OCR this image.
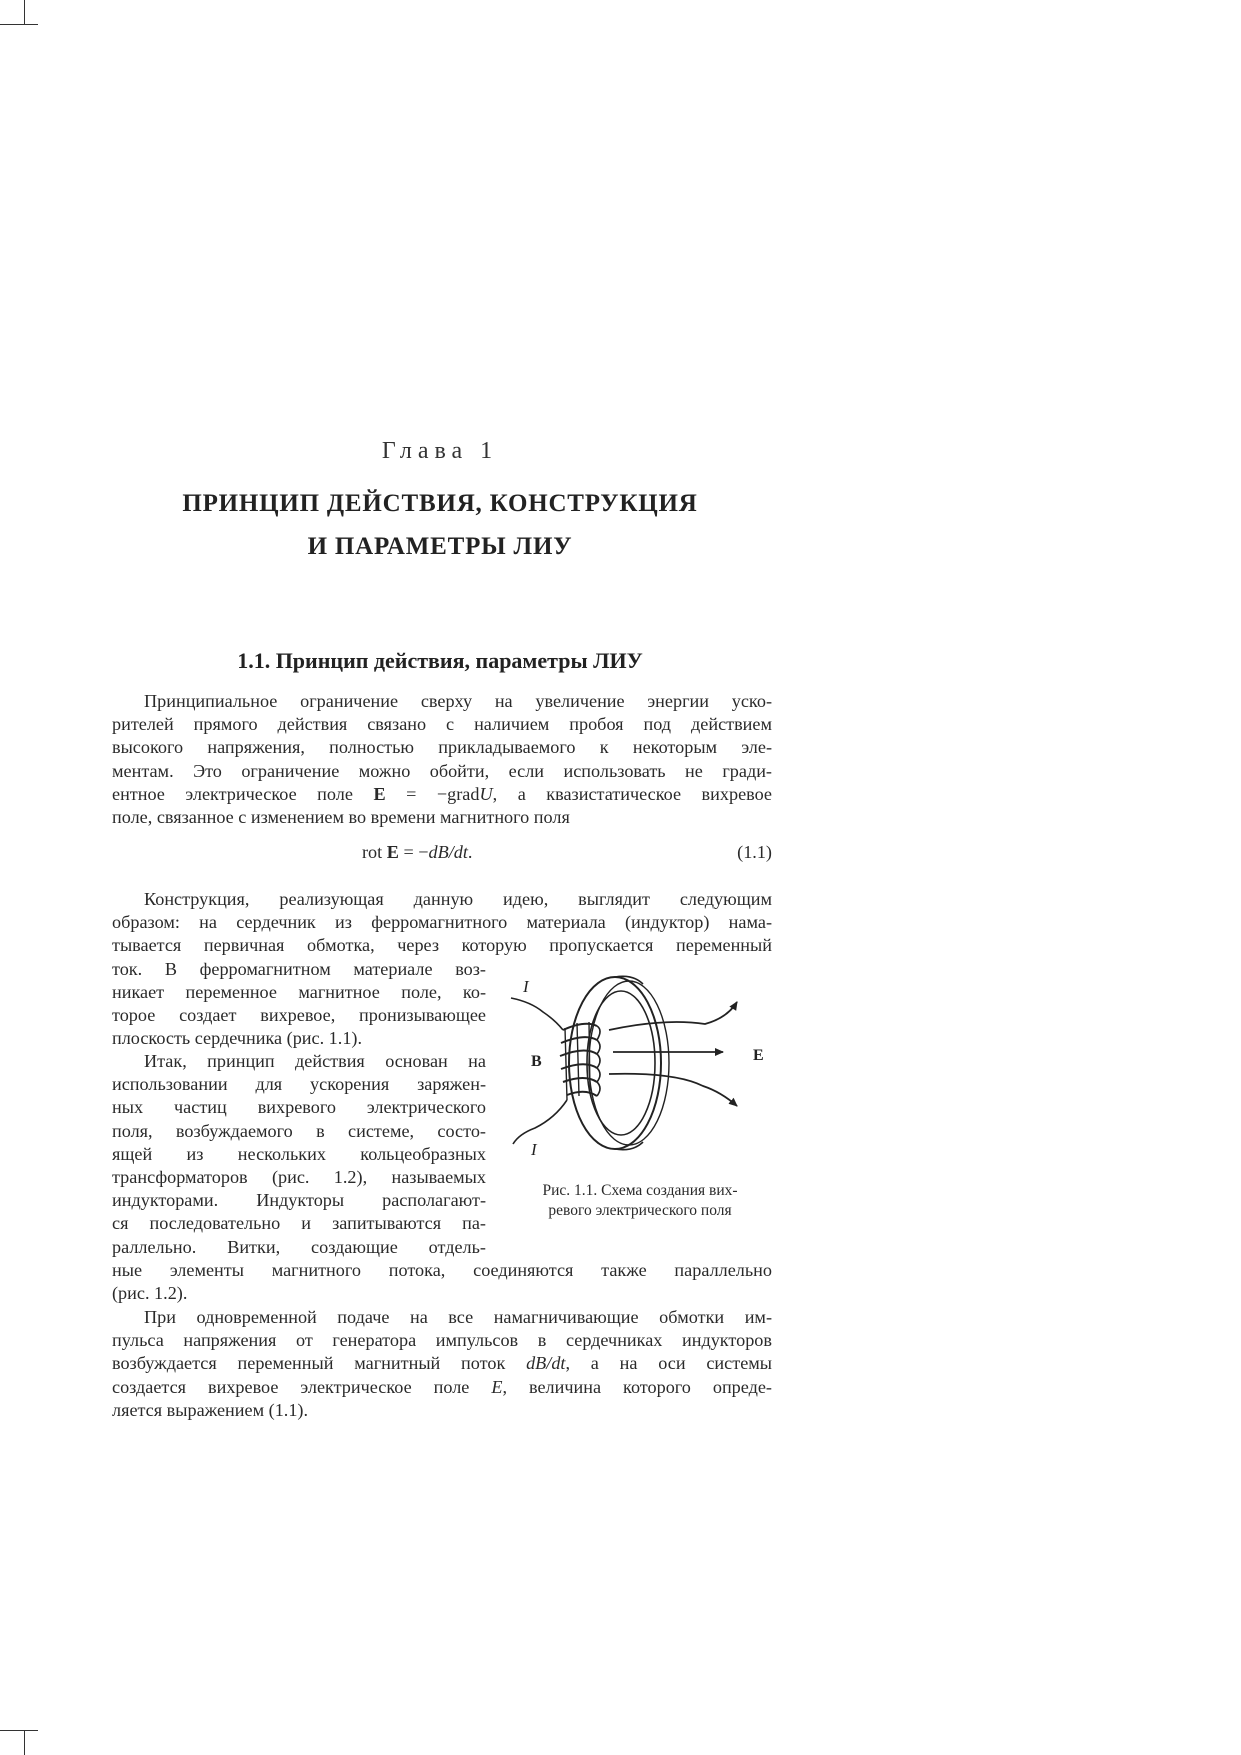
Глава 1
ПРИНЦИП ДЕЙСТВИЯ, КОНСТРУКЦИЯ
И ПАРАМЕТРЫ ЛИУ
1.1. Принцип действия, параметры ЛИУ
Принципиальное ограничение сверху на увеличение энергии уско-
рителей прямого действия связано с наличием пробоя под действием
высокого напряжения, полностью прикладываемого к некоторым эле-
ментам. Это ограничение можно обойти, если использовать не гради-
ентное электрическое поле E = −gradU, а квазистатическое вихревое
поле, связанное с изменением во времени магнитного поля
rot E = −dB/dt.	(1.1)
Конструкция, реализующая данную идею, выглядит следующим
образом: на сердечник из ферромагнитного материала (индуктор) нама-
тывается первичная обмотка, через которую пропускается переменный
ток. В ферромагнитном материале воз-
никает переменное магнитное поле, ко-
торое создает вихревое, пронизывающее
плоскость сердечника (рис. 1.1).
Итак, принцип действия основан на
использовании для ускорения заряжен-
ных частиц вихревого электрического
поля, возбуждаемого в системе, состо-
ящей из нескольких кольцеобразных
трансформаторов (рис. 1.2), называемых
индукторами. Индукторы располагают-
ся последовательно и запитываются па-
раллельно. Витки, создающие отдель-
ные элементы магнитного потока, соединяются также параллельно
(рис. 1.2).
При одновременной подаче на все намагничивающие обмотки им-
пульса напряжения от генератора импульсов в сердечниках индукторов
возбуждается переменный магнитный поток dB/dt, а на оси системы
создается вихревое электрическое поле E, величина которого опреде-
ляется выражением (1.1).
I
I
B	E
Рис. 1.1. Схема создания вих-
ревого электрического поля
